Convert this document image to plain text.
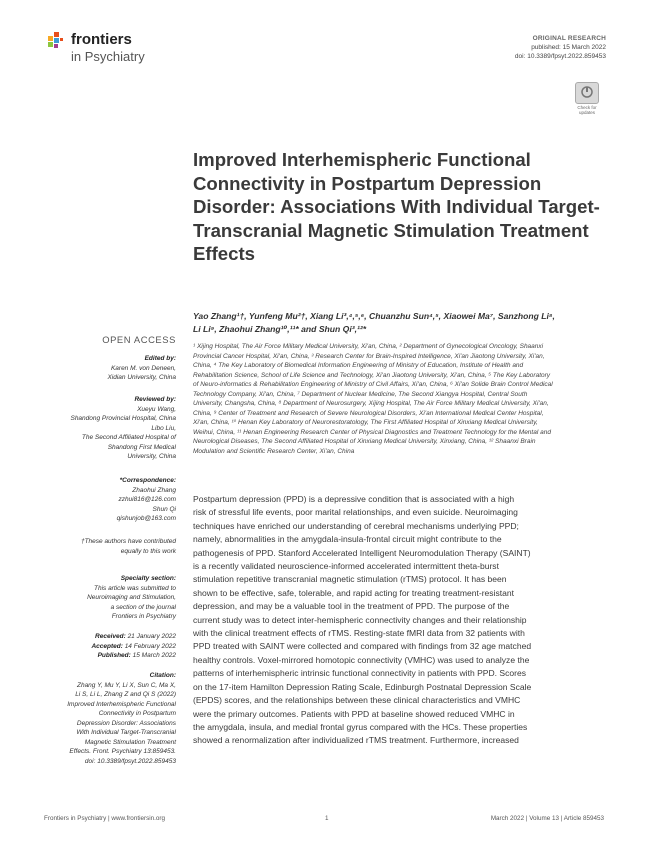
frontiers
in Psychiatry
ORIGINAL RESEARCH
published: 15 March 2022
doi: 10.3389/fpsyt.2022.859453
Check for updates
Improved Interhemispheric Functional Connectivity in Postpartum Depression Disorder: Associations With Individual Target-Transcranial Magnetic Stimulation Treatment Effects
Yao Zhang¹†, Yunfeng Mu²†, Xiang Li³,⁴,⁵,⁶, Chuanzhu Sun⁴,⁵, Xiaowei Ma⁷, Sanzhong Li⁸,
Li Li⁹, Zhaohui Zhang¹⁰,¹¹* and Shun Qi³,¹²*
¹ Xijing Hospital, The Air Force Military Medical University, Xi'an, China, ² Department of Gynecological Oncology, Shaanxi
Provincial Cancer Hospital, Xi'an, China, ³ Research Center for Brain-Inspired Intelligence, Xi'an Jiaotong University, Xi'an,
China, ⁴ The Key Laboratory of Biomedical Information Engineering of Ministry of Education, Institute of Health and
Rehabilitation Science, School of Life Science and Technology, Xi'an Jiaotong University, Xi'an, China, ⁵ The Key Laboratory
of Neuro-informatics & Rehabilitation Engineering of Ministry of Civil Affairs, Xi'an, China, ⁶ Xi'an Solide Brain Control Medical
Technology Company, Xi'an, China, ⁷ Department of Nuclear Medicine, The Second Xiangya Hospital, Central South
University, Changsha, China, ⁸ Department of Neurosurgery, Xijing Hospital, The Air Force Military Medical University, Xi'an,
China, ⁹ Center of Treatment and Research of Severe Neurological Disorders, Xi'an International Medical Center Hospital,
Xi'an, China, ¹⁰ Henan Key Laboratory of Neurorestoratology, The First Affiliated Hospital of Xinxiang Medical University,
Weihui, China, ¹¹ Henan Engineering Research Center of Physical Diagnostics and Treatment Technology for the Mental and
Neurological Diseases, The Second Affiliated Hospital of Xinxiang Medical University, Xinxiang, China, ¹² Shaanxi Brain
Modulation and Scientific Research Center, Xi'an, China
OPEN ACCESS
Edited by:
Karen M. von Deneen,
Xidian University, China
Reviewed by:
Xueyu Wang,
Shandong Provincial Hospital, China
Libo Liu,
The Second Affiliated Hospital of
Shandong First Medical
University, China
*Correspondence:
Zhaohui Zhang
zzhui816@126.com
Shun Qi
qishunjob@163.com
†These authors have contributed
equally to this work
Specialty section:
This article was submitted to
Neuroimaging and Stimulation,
a section of the journal
Frontiers in Psychiatry
Received: 21 January 2022
Accepted: 14 February 2022
Published: 15 March 2022
Citation:
Zhang Y, Mu Y, Li X, Sun C, Ma X,
Li S, Li L, Zhang Z and Qi S (2022)
Improved Interhemispheric Functional
Connectivity in Postpartum
Depression Disorder: Associations
With Individual Target-Transcranial
Magnetic Stimulation Treatment
Effects. Front. Psychiatry 13:859453.
doi: 10.3389/fpsyt.2022.859453
Postpartum depression (PPD) is a depressive condition that is associated with a high
risk of stressful life events, poor marital relationships, and even suicide. Neuroimaging
techniques have enriched our understanding of cerebral mechanisms underlying PPD;
namely, abnormalities in the amygdala-insula-frontal circuit might contribute to the
pathogenesis of PPD. Stanford Accelerated Intelligent Neuromodulation Therapy (SAINT)
is a recently validated neuroscience-informed accelerated intermittent theta-burst
stimulation repetitive transcranial magnetic stimulation (rTMS) protocol. It has been
shown to be effective, safe, tolerable, and rapid acting for treating treatment-resistant
depression, and may be a valuable tool in the treatment of PPD. The purpose of the
current study was to detect inter-hemispheric connectivity changes and their relationship
with the clinical treatment effects of rTMS. Resting-state fMRI data from 32 patients with
PPD treated with SAINT were collected and compared with findings from 32 age matched
healthy controls. Voxel-mirrored homotopic connectivity (VMHC) was used to analyze the
patterns of interhemispheric intrinsic functional connectivity in patients with PPD. Scores
on the 17-item Hamilton Depression Rating Scale, Edinburgh Postnatal Depression Scale
(EPDS) scores, and the relationships between these clinical characteristics and VMHC
were the primary outcomes. Patients with PPD at baseline showed reduced VMHC in
the amygdala, insula, and medial frontal gyrus compared with the HCs. These properties
showed a renormalization after individualized rTMS treatment. Furthermore, increased
Frontiers in Psychiatry | www.frontiersin.org	1	March 2022 | Volume 13 | Article 859453
